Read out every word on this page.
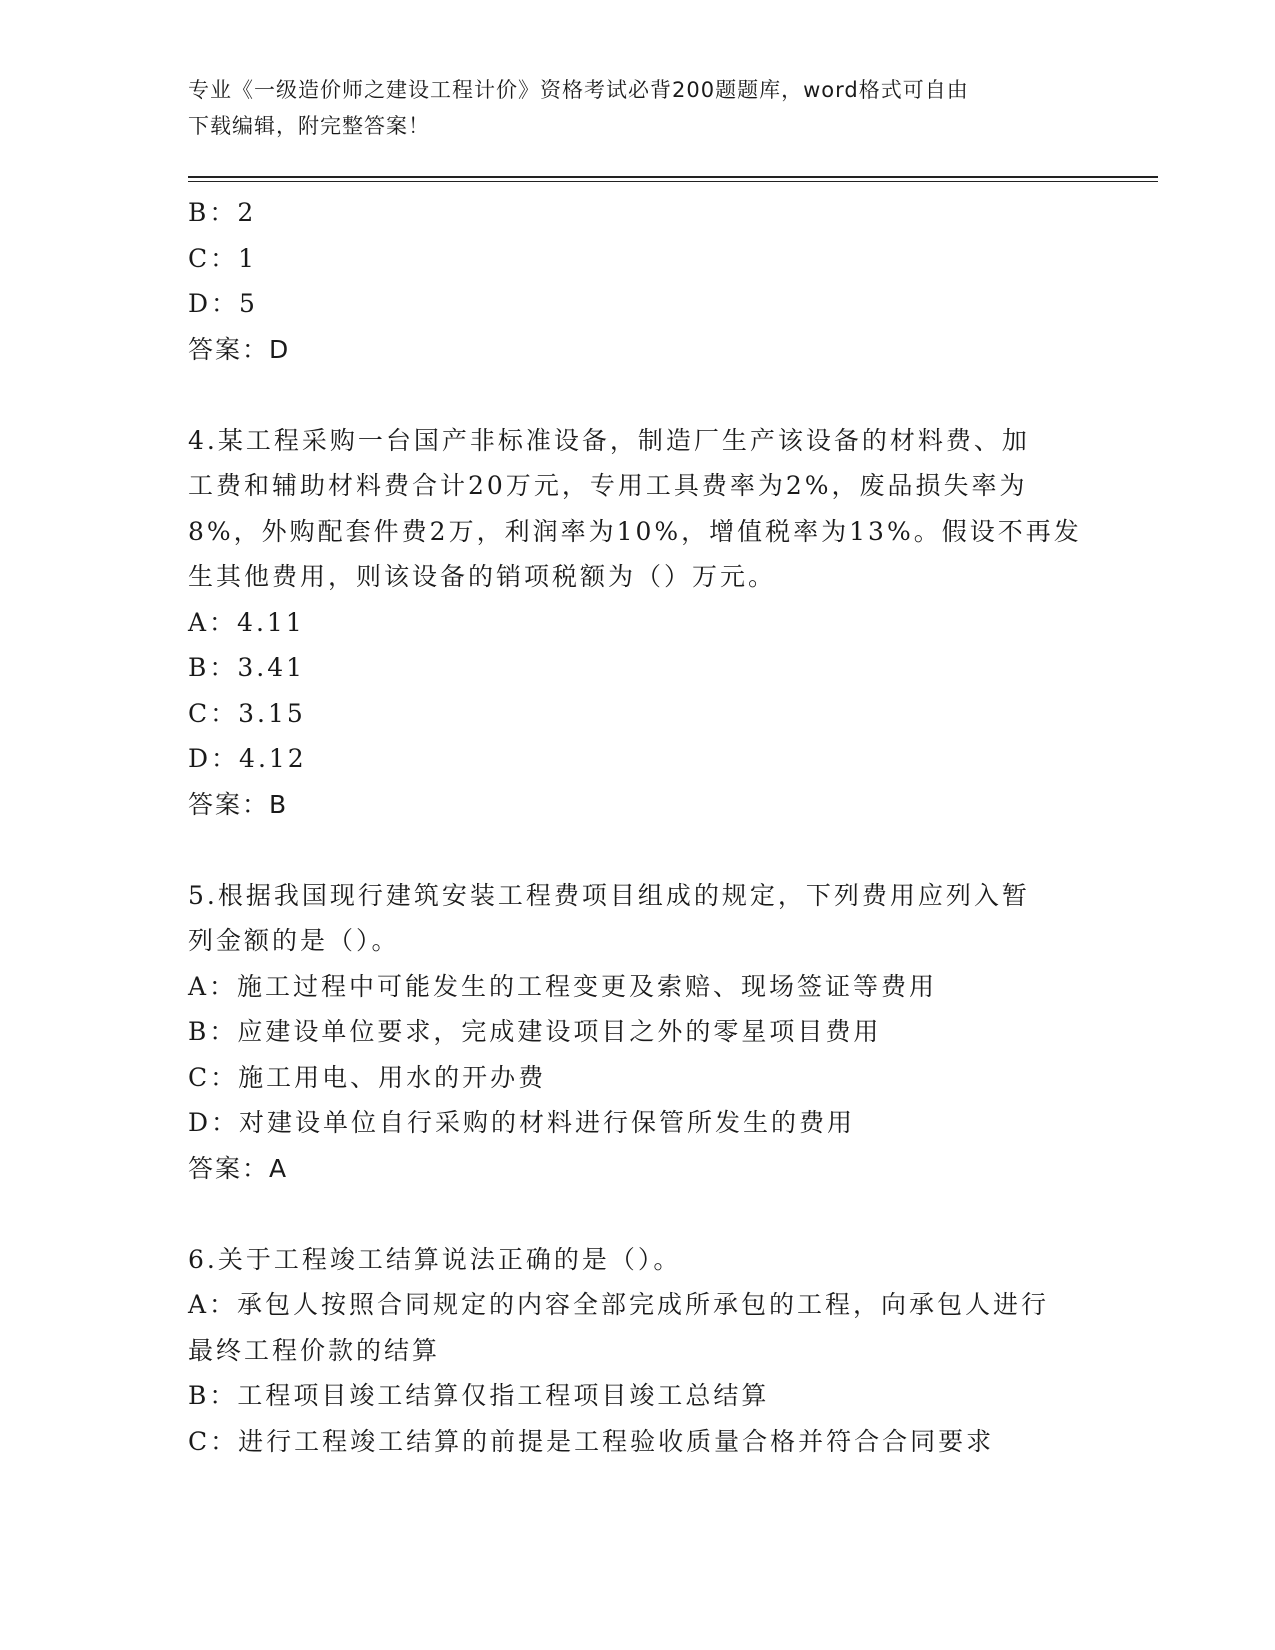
专业《一级造价师之建设工程计价》资格考试必背200题题库，word格式可自由
下载编辑，附完整答案！
B：2
C：1
D：5
答案：D
4.某工程采购一台国产非标准设备，制造厂生产该设备的材料费、加
工费和辅助材料费合计20万元，专用工具费率为2%，废品损失率为
8%，外购配套件费2万，利润率为10%，增值税率为13%。假设不再发
生其他费用，则该设备的销项税额为（）万元。
A：4.11
B：3.41
C：3.15
D：4.12
答案：B
5.根据我国现行建筑安装工程费项目组成的规定，下列费用应列入暂
列金额的是（）。
A：施工过程中可能发生的工程变更及索赔、现场签证等费用
B：应建设单位要求，完成建设项目之外的零星项目费用
C：施工用电、用水的开办费
D：对建设单位自行采购的材料进行保管所发生的费用
答案：A
6.关于工程竣工结算说法正确的是（）。
A：承包人按照合同规定的内容全部完成所承包的工程，向承包人进行
最终工程价款的结算
B：工程项目竣工结算仅指工程项目竣工总结算
C：进行工程竣工结算的前提是工程验收质量合格并符合合同要求
